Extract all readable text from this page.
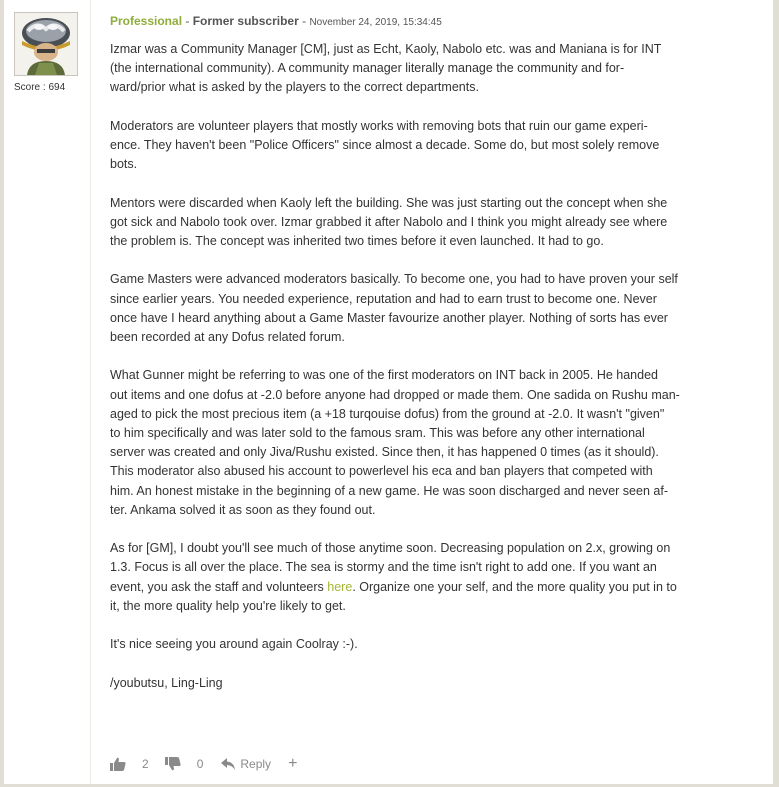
Score : 694
Professional - Former subscriber - November 24, 2019, 15:34:45

Izmar was a Community Manager [CM], just as Echt, Kaoly, Nabolo etc. was and Maniana is for INT
(the international community). A community manager literally manage the community and for-
ward/prior what is asked by the players to the correct departments.

Moderators are volunteer players that mostly works with removing bots that ruin our game experi-
ence. They haven't been "Police Officers" since almost a decade. Some do, but most solely remove
bots.

Mentors were discarded when Kaoly left the building. She was just starting out the concept when she
got sick and Nabolo took over. Izmar grabbed it after Nabolo and I think you might already see where
the problem is. The concept was inherited two times before it even launched. It had to go.

Game Masters were advanced moderators basically. To become one, you had to have proven your self
since earlier years. You needed experience, reputation and had to earn trust to become one. Never
once have I heard anything about a Game Master favourize another player. Nothing of sorts has ever
been recorded at any Dofus related forum.

What Gunner might be referring to was one of the first moderators on INT back in 2005. He handed
out items and one dofus at -2.0 before anyone had dropped or made them. One sadida on Rushu man-
aged to pick the most precious item (a +18 turqouise dofus) from the ground at -2.0. It wasn't "given"
to him specifically and was later sold to the famous sram. This was before any other international
server was created and only Jiva/Rushu existed. Since then, it has happened 0 times (as it should).
This moderator also abused his account to powerlevel his eca and ban players that competed with
him. An honest mistake in the beginning of a new game. He was soon discharged and never seen af-
ter. Ankama solved it as soon as they found out.

As for [GM], I doubt you'll see much of those anytime soon. Decreasing population on 2.x, growing on
1.3. Focus is all over the place. The sea is stormy and the time isn't right to add one. If you want an
event, you ask the staff and volunteers here. Organize one your self, and the more quality you put in to
it, the more quality help you're likely to get.

It's nice seeing you around again Coolray :-).

/youbutsu, Ling-Ling

2	0	Reply +
